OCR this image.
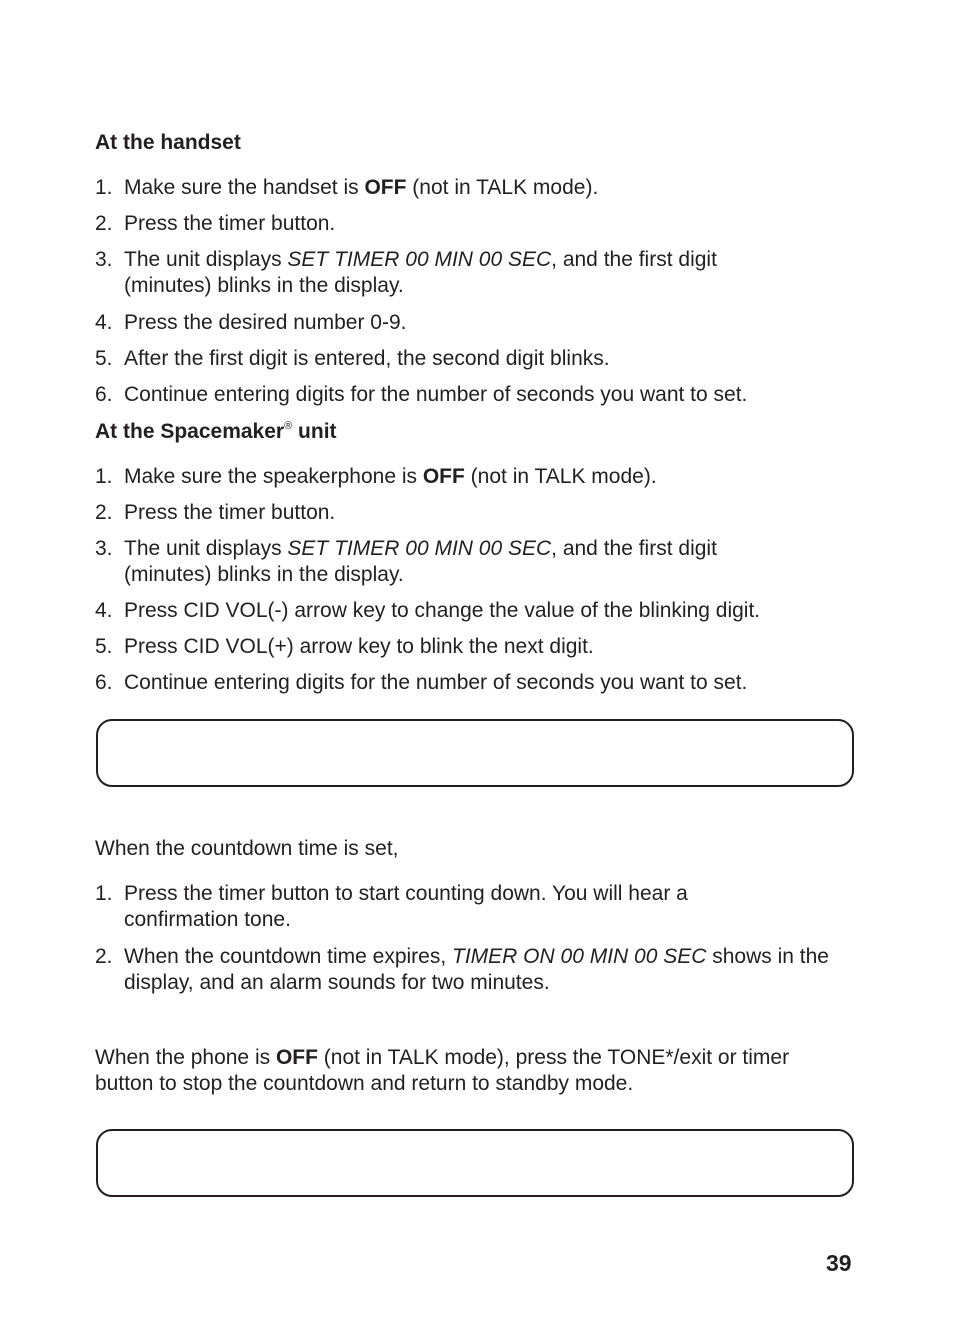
At the handset
1. Make sure the handset is OFF (not in TALK mode).
2. Press the timer button.
3. The unit displays SET TIMER 00 MIN 00 SEC, and the first digit (minutes) blinks in the display.
4. Press the desired number 0-9.
5. After the first digit is entered, the second digit blinks.
6. Continue entering digits for the number of seconds you want to set.
At the Spacemaker® unit
1. Make sure the speakerphone is OFF (not in TALK mode).
2. Press the timer button.
3. The unit displays SET TIMER 00 MIN 00 SEC, and the first digit (minutes) blinks in the display.
4. Press CID VOL(-) arrow key to change the value of the blinking digit.
5. Press CID VOL(+) arrow key to blink the next digit.
6. Continue entering digits for the number of seconds you want to set.
When the countdown time is set,
1. Press the timer button to start counting down. You will hear a confirmation tone.
2. When the countdown time expires, TIMER ON 00 MIN 00 SEC shows in the display, and an alarm sounds for two minutes.
When the phone is OFF (not in TALK mode), press the TONE*/exit or timer button to stop the countdown and return to standby mode.
39
